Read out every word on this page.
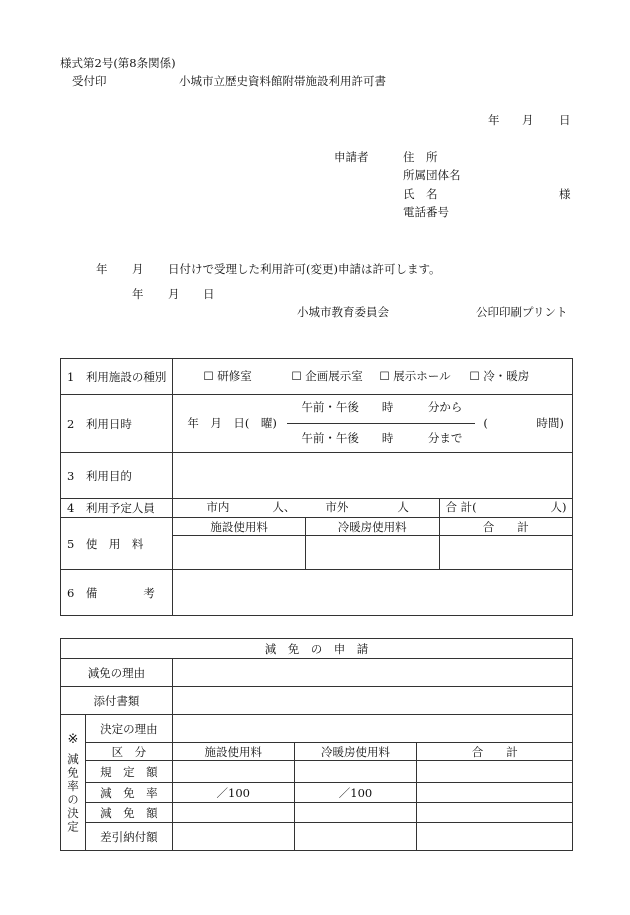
様式第2号(第8条関係)
受付印	小城市立歴史資料館附帯施設利用許可書
年 月 日
申請者	住　所
所属団体名
氏　名	様
電話番号
年 月 日付けで受理した利用許可(変更)申請は許可します。
年 月 日
小城市教育委員会	公印印刷プリント
1　利用施設の種別	☐ 研修室 ☐ 企画展示室 ☐ 展示ホール ☐ 冷・暖房		

2　利用日時	年　月　日(　曜)
午前・午後　　時　　　分から
午前・午後　　時　　　分まで
( 時間)		

3　利用目的			
4　利用予定人員	市内 人、 市外 人		合 計( 人)

5　使　用　料	施設使用料	冷暖房使用料	合　　計

6　備　　　　考			
減　免　の　申　請				
減免の理由				
添付書類				

※
減免率の決定	決定の理由			
	区　分	施設使用料	冷暖房使用料	合　　計
	規　定　額			
	減　免　率	／100	／100	
	減　免　額			
	差引納付額			
